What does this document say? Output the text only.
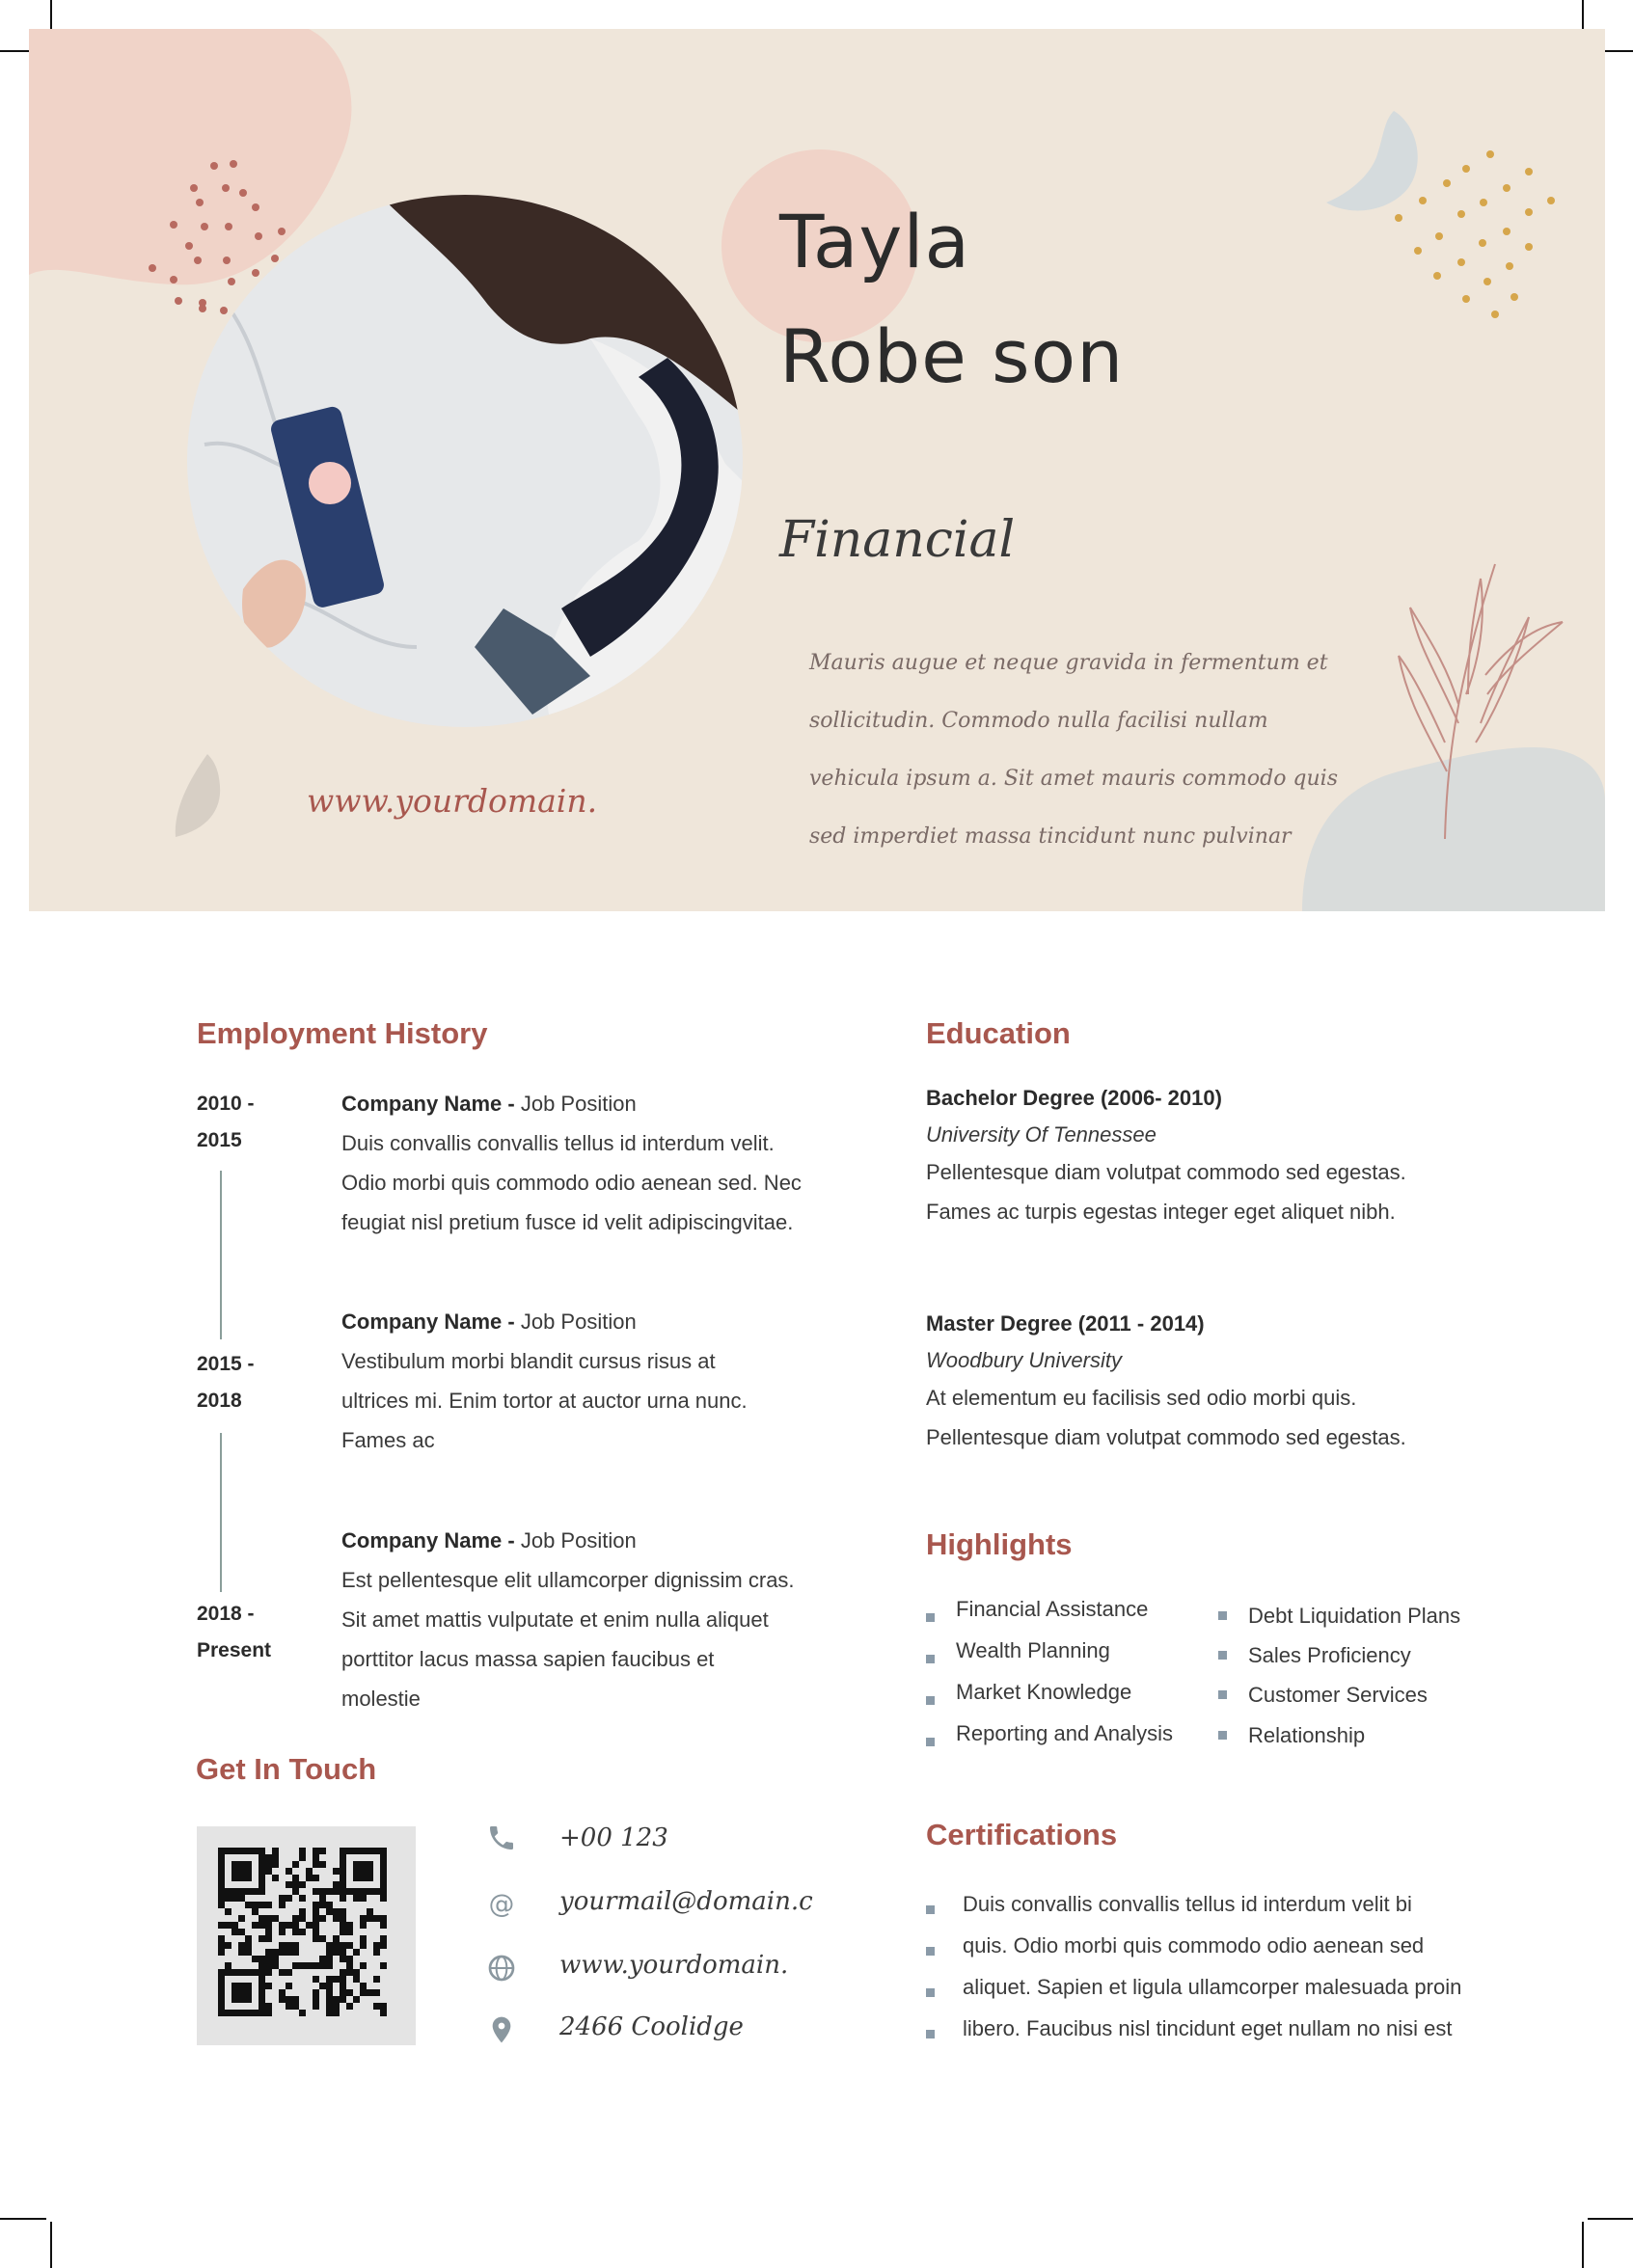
Tayla
Robe son
Financial
Mauris augue et neque gravida in fermentum et sollicitudin. Commodo nulla facilisi nullam vehicula ipsum a. Sit amet mauris commodo quis sed imperdiet massa tincidunt nunc pulvinar
www.yourdomain.
Employment History
2010 -
2015
Company Name - Job Position
Duis convallis convallis tellus id interdum velit.
Odio morbi quis commodo odio aenean sed. Nec
feugiat nisl pretium fusce id velit adipiscingvitae.
2015 -
2018
Company Name - Job Position
Vestibulum morbi blandit cursus risus at
ultrices mi. Enim tortor at auctor urna nunc.
Fames ac
2018 -
Present
Company Name - Job Position
Est pellentesque elit ullamcorper dignissim cras.
Sit amet mattis vulputate et enim nulla aliquet
porttitor lacus massa sapien faucibus et
molestie
Education
Bachelor Degree (2006- 2010)
University Of Tennessee
Pellentesque diam volutpat commodo sed egestas.
Fames ac turpis egestas integer eget aliquet nibh.
Master Degree (2011 - 2014)
Woodbury University
At elementum eu facilisis sed odio morbi quis.
Pellentesque diam volutpat commodo sed egestas.
Highlights
Financial Assistance
Wealth Planning
Market Knowledge
Reporting and Analysis
Debt Liquidation Plans
Sales Proficiency
Customer Services
Relationship
Get In Touch
+00 123
@ yourmail@domain.c
www.yourdomain.
2466 Coolidge
Certifications
Duis convallis convallis tellus id interdum velit bi
quis. Odio morbi quis commodo odio aenean sed
aliquet. Sapien et ligula ullamcorper malesuada proin
libero. Faucibus nisl tincidunt eget nullam no nisi est
